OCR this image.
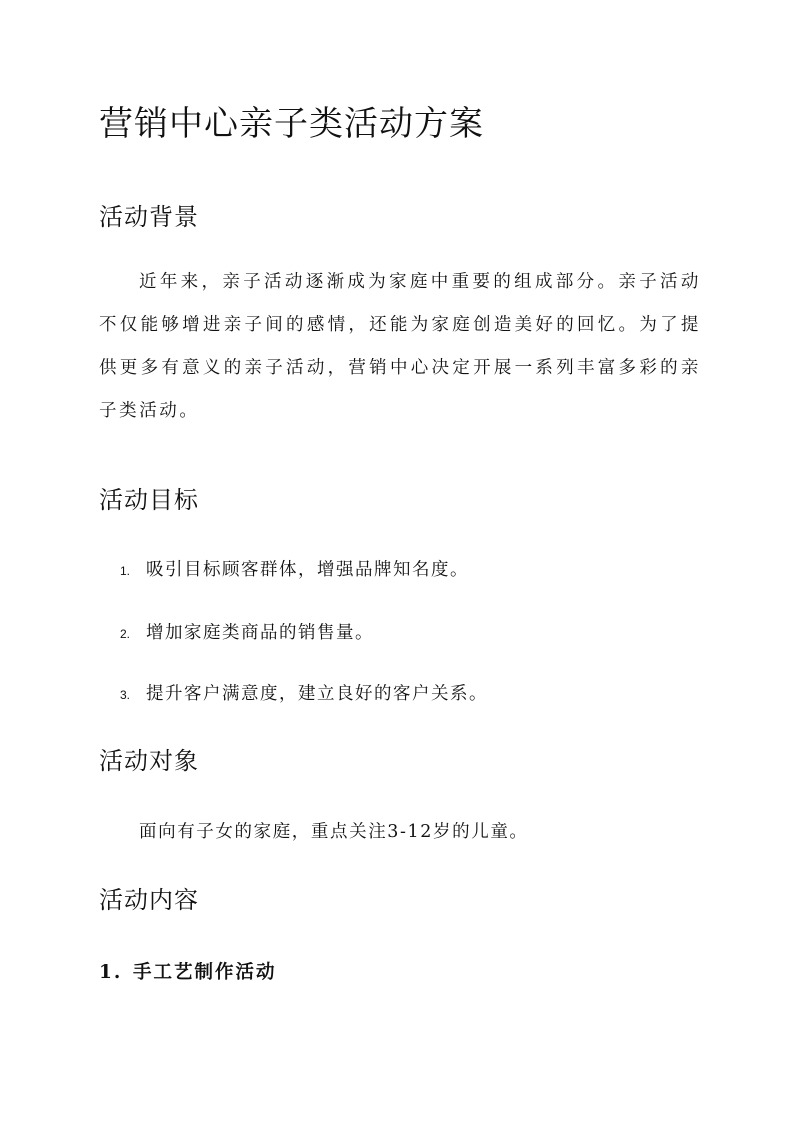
营销中心亲子类活动方案
活动背景

近年来，亲子活动逐渐成为家庭中重要的组成部分。亲子活动不仅能够增进亲子间的感情，还能为家庭创造美好的回忆。为了提供更多有意义的亲子活动，营销中心决定开展一系列丰富多彩的亲子类活动。

活动目标
1. 吸引目标顾客群体，增强品牌知名度。
2. 增加家庭类商品的销售量。
3. 提升客户满意度，建立良好的客户关系。
活动对象

面向有子女的家庭，重点关注3-12岁的儿童。

活动内容
1. 手工艺制作活动
